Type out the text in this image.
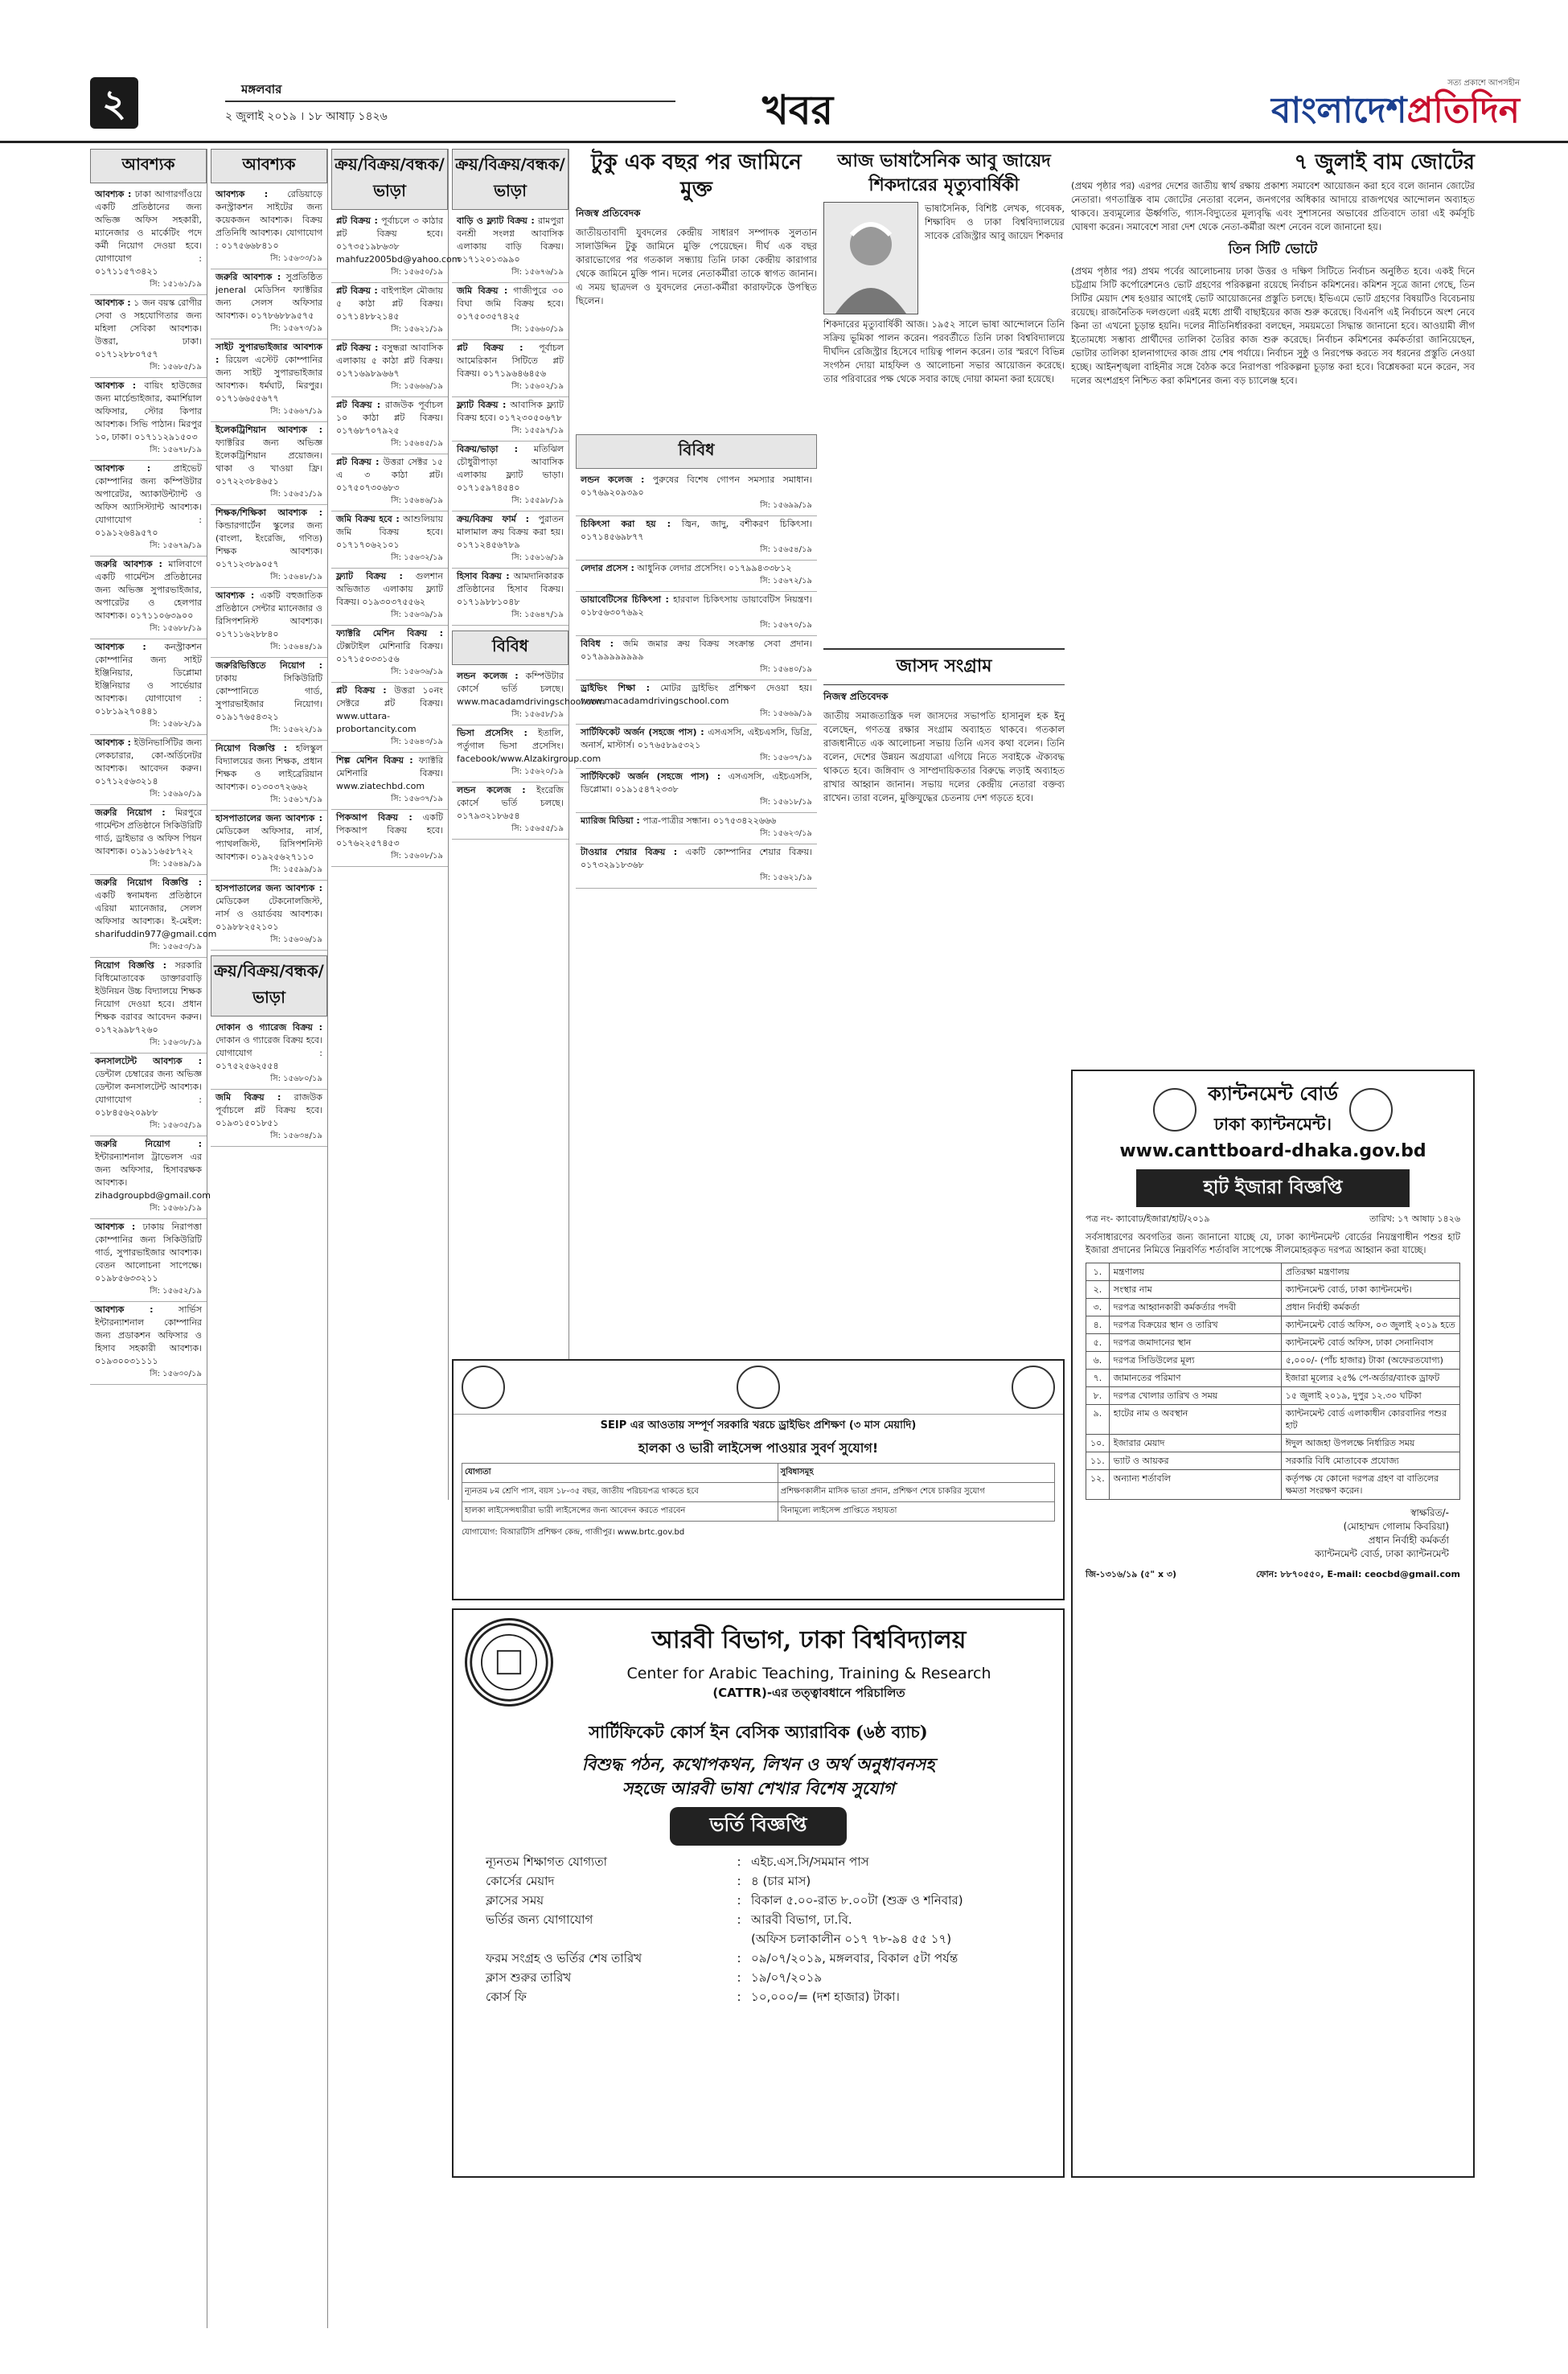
২	মঙ্গলবার
২ জুলাই ২০১৯ । ১৮ আষাঢ় ১৪২৬	খবর
সত্য প্রকাশে আপসহীন
বাংলাদেশপ্রতিদিন
আবশ্যক
আবশ্যক : ঢাকা আগারগাঁওয়ে একটি প্রতিষ্ঠানের জন্য অভিজ্ঞ অফিস সহকারী, ম্যানেজার ও মার্কেটিং পদে কর্মী নিয়োগ দেওয়া হবে। যোগাযোগ : ০১৭১১৫৭৩৪২১
সি: ১৫১৬১/১৯
আবশ্যক : ১ জন বয়স্ক রোগীর সেবা ও সহযোগিতার জন্য মহিলা সেবিকা আবশ্যক। উত্তরা, ঢাকা। ০১৭১২৮৮০৭৫৭
সি: ১৫৬৮৫/১৯
আবশ্যক : বায়িং হাউজের জন্য মার্চেন্ডাইজার, কমার্শিয়াল অফিসার, স্টোর কিপার আবশ্যক। সিভি পাঠান। মিরপুর ১০, ঢাকা। ০১৭১১২৯১৫০৩
সি: ১৫৬৭৮/১৯
আবশ্যক :	প্রাইভেট কোম্পানির জন্য কম্পিউটার অপারেটর, অ্যাকাউন্ট্যান্ট ও অফিস অ্যাসিস্ট্যান্ট আবশ্যক। যোগাযোগ : ০১৯১২৬৪৯৫৭০
সি: ১৫৬৭৯/১৯
জরুরি আবশ্যক : মালিবাগে একটি গার্মেন্টস প্রতিষ্ঠানের জন্য অভিজ্ঞ সুপারভাইজার, অপারেটর ও হেলপার আবশ্যক। ০১৭১১০৬৩৯০০
সি: ১৫৬৮৮/১৯
আবশ্যক : কনস্ট্রাকশন কোম্পানির জন্য সাইট ইঞ্জিনিয়ার, ডিপ্লোমা ইঞ্জিনিয়ার ও সার্ভেয়ার আবশ্যক। যোগাযোগ : ০১৮১৯২৭০৪৪১
সি: ১৫৬৮২/১৯
আবশ্যক : ইউনিভার্সিটির জন্য লেকচারার, কো-অর্ডিনেটর আবশ্যক। আবেদন করুন। ০১৭১২৫৬৩২১৪
সি: ১৫৬৯০/১৯
জরুরি নিয়োগ : মিরপুরে গার্মেন্টস প্রতিষ্ঠানে সিকিউরিটি গার্ড, ড্রাইভার ও অফিস পিয়ন আবশ্যক। ০১৯১১৬৫৮৭২২
সি: ১৫৬৪৯/১৯
জরুরি নিয়োগ বিজ্ঞপ্তি : একটি স্বনামধন্য প্রতিষ্ঠানে এরিয়া ম্যানেজার, সেলস অফিসার আবশ্যক। ই-মেইল: sharifuddin977@gmail.com
সি: ১৫৬৫৩/১৯
নিয়োগ বিজ্ঞপ্তি : সরকারি বিধিমোতাবেক ডাক্তারবাড়ি ইউনিয়ন উচ্চ বিদ্যালয়ে শিক্ষক নিয়োগ দেওয়া হবে। প্রধান শিক্ষক বরাবর আবেদন করুন। ০১৭২৯৯৮৭২৬০
সি: ১৫৬৩৮/১৯
কনসালটেন্ট আবশ্যক : ডেন্টাল চেম্বারের জন্য অভিজ্ঞ ডেন্টাল কনসালটেন্ট আবশ্যক। যোগাযোগ : ০১৮৪৫৬২০৯৮৮
সি: ১৫৬৩৫/১৯
জরুরি নিয়োগ : ইন্টারন্যাশনাল ট্রাভেলস এর জন্য অফিসার, হিসাবরক্ষক আবশ্যক। zihadgroupbd@gmail.com
সি: ১৫৬৬১/১৯
আবশ্যক : ঢাকায় নিরাপত্তা কোম্পানির জন্য সিকিউরিটি গার্ড, সুপারভাইজার আবশ্যক। বেতন আলোচনা সাপেক্ষে। ০১৯৮৫৬৩৩২১১
সি: ১৫৬৫২/১৯
আবশ্যক :	সার্ভিস ইন্টারন্যাশনাল কোম্পানির জন্য প্রডাকশন অফিসার ও হিসাব সহকারী আবশ্যক। ০১৯৩০০৩১১১১
সি: ১৫৬৩০/১৯
আবশ্যক
আবশ্যক : রেডিয়াড়ে কনস্ট্রাকশন সাইটের জন্য কয়েকজন আবশ্যক। বিক্রয় প্রতিনিধি আবশ্যক। যোগাযোগ : ০১৭৫৬৬৮৪১০
সি: ১৫৬৩৩/১৯
জরুরি আবশ্যক : সুপ্রতিষ্ঠিত jeneral মেডিসিন ফ্যাক্টরির জন্য সেলস অফিসার আবশ্যক। ০১৭৮৬৮৮৯৫৭৫
সি: ১৫৬৭৩/১৯
সাইট সুপারভাইজার আবশ্যক : রিয়েল এস্টেট কোম্পানির জন্য সাইট সুপারভাইজার আবশ্যক। ধর্মঘাট, মিরপুর। ০১৭১৬৬৫৫৬৭৭
সি: ১৫৬৬৭/১৯
ইলেকট্রিশিয়ান আবশ্যক : ফ্যাক্টরির জন্য অভিজ্ঞ ইলেকট্রিশিয়ান প্রয়োজন। থাকা ও খাওয়া ফ্রি। ০১৭২২৩৮৪৬৫১
সি: ১৫৬৫১/১৯
শিক্ষক/শিক্ষিকা আবশ্যক : কিন্ডারগার্টেন স্কুলের জন্য (বাংলা, ইংরেজি, গণিত) শিক্ষক আবশ্যক। ০১৭১২৩৮৯০৫৭
সি: ১৫৬৪৮/১৯
আবশ্যক : একটি বহুজাতিক প্রতিষ্ঠানে সেন্টার ম্যানেজার ও রিসিপশনিস্ট আবশ্যক। ০১৭১১৬২৮৮৪০
সি: ১৫৬৪৪/১৯
জরুরিভিত্তিতে নিয়োগ : ঢাকায় সিকিউরিটি কোম্পানিতে গার্ড, সুপারভাইজার নিয়োগ। ০১৯১৭৬৫৪৩২১
সি: ১৫৬২২/১৯
নিয়োগ বিজ্ঞপ্তি : হলিস্কুল বিদ্যালয়ের জন্য শিক্ষক, প্রধান শিক্ষক ও লাইব্রেরিয়ান আবশ্যক। ০১৩০৩৭২৬৬২
সি: ১৫৬১৭/১৯
হাসপাতালের জন্য আবশ্যক : মেডিকেল অফিসার, নার্স, প্যাথলজিস্ট, রিসিপশনিস্ট আবশ্যক। ০১৯২৫৬২৭১১০
সি: ১৫৫৯৯/১৯
হাসপাতালের জন্য আবশ্যক : মেডিকেল টেকনোলজিস্ট, নার্স ও ওয়ার্ডবয় আবশ্যক। ০১৯৮৮২৫২১০১
সি: ১৫৬০৬/১৯
ক্রয়/বিক্রয়/বন্ধক/ভাড়া
দোকান ও গ্যারেজ বিক্রয় : দোকান ও গ্যারেজ বিক্রয় হবে। যোগাযোগ : ০১৭৫২৫৬২৫৫৪
সি: ১৫৬৮০/১৯
জমি বিক্রয় : রাজউক পূর্বাচলে প্লট বিক্রয় হবে। ০১৯৩১৫০১৮৫১
সি: ১৫৬৩৪/১৯
ক্রয়/বিক্রয়/বন্ধক/ভাড়া
প্লট বিক্রয় : পূর্বাচলে ৩ কাঠার প্লট বিক্রয় হবে। ০১৭৩৫১৯৮৬৩৮ mahfuz2005bd@yahoo.com
সি: ১৫৬৫০/১৯
প্লট বিক্রয় : বাইপাইল মৌজায় ৫ কাঠা প্লট বিক্রয়। ০১৭১৪৮৮২১৪৫
সি: ১৫৬২১/১৯
প্লট বিক্রয় : বসুন্ধরা আবাসিক এলাকায় ৫ কাঠা প্লট বিক্রয়। ০১৭১৬৯৮৯৬৬৭
সি: ১৫৬৬৬/১৯
প্লট বিক্রয় : রাজউক পূর্বাচল ১০ কাঠা প্লট বিক্রয়। ০১৭৬৮৭০৭৯২৫
সি: ১৫৬৪৫/১৯
প্লট বিক্রয় : উত্তরা সেক্টর ১৫ এ ৩ কাঠা প্লট। ০১৭৫০৭৩০৬৮৩
সি: ১৫৬৪৬/১৯
জমি বিক্রয় হবে : আশুলিয়ায় জমি বিক্রয় হবে। ০১৭১৭০৬২১০১
সি: ১৫৬৩২/১৯
ফ্ল্যাট বিক্রয় : গুলশান অভিজাত এলাকায় ফ্ল্যাট বিক্রয়। ০১৯৩০৩৭৫৫৬২
সি: ১৫৬৩৯/১৯
ফ্যাক্টরি মেশিন বিক্রয় : টেক্সটাইল মেশিনারি বিক্রয়। ০১৭১৫০৩৩১৫৬
সি: ১৫৬৩৬/১৯
প্লট বিক্রয় : উত্তরা ১০নং সেক্টরে প্লট বিক্রয়। www.uttara-probortancity.com
সি: ১৫৬৪৩/১৯
শিল্প মেশিন বিক্রয় : ফ্যাক্টরি মেশিনারি বিক্রয়। www.ziatechbd.com
সি: ১৫৬৩৭/১৯
পিকআপ বিক্রয় : একটি পিকআপ বিক্রয় হবে। ০১৭৬২২৫৭৪৫৩
সি: ১৫৬০৮/১৯
ক্রয়/বিক্রয়/বন্ধক/ভাড়া
বাড়ি ও ফ্ল্যাট বিক্রয় : রামপুরা বনশ্রী সংলগ্ন আবাসিক এলাকায় বাড়ি বিক্রয়। ০১৭১২০১৩৯৯০
সি: ১৫৬৭৬/১৯
জমি বিক্রয় : গাজীপুরে ৩০ বিঘা জমি বিক্রয় হবে। ০১৭৫০৩৫৭৪২৫
সি: ১৫৬৬০/১৯
প্লট বিক্রয় : পূর্বাচল আমেরিকান সিটিতে প্লট বিক্রয়। ০১৭১৯৬৪৬৪৫৬
সি: ১৫৬০২/১৯
ফ্ল্যাট বিক্রয় : আবাসিক ফ্ল্যাট বিক্রয় হবে। ০১৭২৩০৫০৬৭৮
সি: ১৫৫৯৭/১৯
বিক্রয়/ভাড়া : মতিঝিল চৌধুরীপাড়া আবাসিক এলাকায় ফ্ল্যাট ভাড়া। ০১৭১৫৯৭৪৫৪০
সি: ১৫৫৯৮/১৯
ক্রয়/বিক্রয় ফার্ম : পুরাতন মালামাল ক্রয় বিক্রয় করা হয়। ০১৭১২৪৫৬৭৮৯
সি: ১৫৬১৬/১৯
হিসাব বিক্রয় : আমদানিকারক প্রতিষ্ঠানের হিসাব বিক্রয়। ০১৭১৯৮৮১০৪৮
সি: ১৫৬৪৭/১৯
বিবিধ
লন্ডন কলেজ : কম্পিউটার কোর্সে ভর্তি চলছে। www.macadamdrivingschool.com
সি: ১৫৬৫৮/১৯
ভিসা প্রসেসিং : ইতালি, পর্তুগাল ভিসা প্রসেসিং। facebook/www.Alzakirgroup.com
সি: ১৫৬২০/১৯
লন্ডন কলেজ : ইংরেজি কোর্সে ভর্তি চলছে। ০১৭৯৩২১৮৬৫৪
সি: ১৫৬৫৫/১৯
টুকু এক বছর পর জামিনে মুক্ত
নিজস্ব প্রতিবেদক
জাতীয়তাবাদী যুবদলের কেন্দ্রীয় সাধারণ সম্পাদক সুলতান সালাউদ্দিন টুকু জামিনে মুক্তি পেয়েছেন। দীর্ঘ এক বছর কারাভোগের পর গতকাল সন্ধ্যায় তিনি ঢাকা কেন্দ্রীয় কারাগার থেকে জামিনে মুক্তি পান। দলের নেতাকর্মীরা তাকে স্বাগত জানান। এ সময় ছাত্রদল ও যুবদলের নেতা-কর্মীরা কারাফটকে উপস্থিত ছিলেন।
বিবিধ
লন্ডন কলেজ : পুরুষের বিশেষ গোপন সমস্যার সমাধান। ০১৭৬৯২০৯৩৯০
সি: ১৫৬৯৯/১৯
চিকিৎসা করা হয় : জ্বিন, জাদু, বশীকরণ চিকিৎসা। ০১৭১৪৫৬৯৮৭৭
সি: ১৫৬৫৪/১৯
লেদার প্রসেস : আধুনিক লেদার প্রসেসিং। ০১৭৯৯৪৩৩৮১২
সি: ১৫৬৭২/১৯
ডায়াবেটিসের চিকিৎসা : হারবাল চিকিৎসায় ডায়াবেটিস নিয়ন্ত্রণ। ০১৮৫৬৩০৭৬৯২
সি: ১৫৬৭০/১৯
বিবিধ : জমি জমার ক্রয় বিক্রয় সংক্রান্ত সেবা প্রদান। ০১৭৯৯৯৯৯৯৯৯
সি: ১৫৬৪০/১৯
ড্রাইভিং শিক্ষা : মোটর ড্রাইভিং প্রশিক্ষণ দেওয়া হয়। www.macadamdrivingschool.com
সি: ১৫৬৬৯/১৯
সার্টিফিকেট অর্জন (সহজে পাস) : এসএসসি, এইচএসসি, ডিগ্রি, অনার্স, মাস্টার্স। ০১৭৬৫৮৯৫৩২১
সি: ১৫৬৩৭/১৯
সার্টিফিকেট অর্জন (সহজে পাস) : এসএসসি, এইচএসসি, ডিপ্লোমা। ০১৯১৫৪৭২৩৩৮
সি: ১৫৬১৮/১৯
ম্যারিজ মিডিয়া : পাত্র-পাত্রীর সন্ধান। ০১৭৫৩৪২২৬৬৬
সি: ১৫৬২৩/১৯
টাওয়ার শেয়ার বিক্রয় : একটি কোম্পানির শেয়ার বিক্রয়। ০১৭৩২৯১৮৩৬৮
সি: ১৫৬২১/১৯
আজ ভাষাসৈনিক আবু জায়েদ শিকদারের মৃত্যুবার্ষিকী
ভাষাসৈনিক, বিশিষ্ট লেখক, গবেষক, শিক্ষাবিদ ও ঢাকা বিশ্ববিদ্যালয়ের সাবেক রেজিস্ট্রার আবু জায়েদ শিকদার
শিকদারের মৃত্যুবার্ষিকী আজ। ১৯৫২ সালে ভাষা আন্দোলনে তিনি সক্রিয় ভূমিকা পালন করেন। পরবর্তীতে তিনি ঢাকা বিশ্ববিদ্যালয়ে দীর্ঘদিন রেজিস্ট্রার হিসেবে দায়িত্ব পালন করেন। তার স্মরণে বিভিন্ন সংগঠন দোয়া মাহফিল ও আলোচনা সভার আয়োজন করেছে। তার পরিবারের পক্ষ থেকে সবার কাছে দোয়া কামনা করা হয়েছে।
জাসদ সংগ্রাম
নিজস্ব প্রতিবেদক
জাতীয় সমাজতান্ত্রিক দল জাসদের সভাপতি হাসানুল হক ইনু বলেছেন, গণতন্ত্র রক্ষার সংগ্রাম অব্যাহত থাকবে। গতকাল রাজধানীতে এক আলোচনা সভায় তিনি এসব কথা বলেন। তিনি বলেন, দেশের উন্নয়ন অগ্রযাত্রা এগিয়ে নিতে সবাইকে ঐক্যবদ্ধ থাকতে হবে। জঙ্গিবাদ ও সাম্প্রদায়িকতার বিরুদ্ধে লড়াই অব্যাহত রাখার আহ্বান জানান। সভায় দলের কেন্দ্রীয় নেতারা বক্তব্য রাখেন। তারা বলেন, মুক্তিযুদ্ধের চেতনায় দেশ গড়তে হবে।
৭ জুলাই বাম জোটের
(প্রথম পৃষ্ঠার পর) এরপর দেশের জাতীয় স্বার্থ রক্ষায় প্রকাশ্য সমাবেশ আয়োজন করা হবে বলে জানান জোটের নেতারা। গণতান্ত্রিক বাম জোটের নেতারা বলেন, জনগণের অধিকার আদায়ে রাজপথের আন্দোলন অব্যাহত থাকবে। দ্রব্যমূল্যের ঊর্ধ্বগতি, গ্যাস-বিদ্যুতের মূল্যবৃদ্ধি এবং সুশাসনের অভাবের প্রতিবাদে তারা এই কর্মসূচি ঘোষণা করেন। সমাবেশে সারা দেশ থেকে নেতা-কর্মীরা অংশ নেবেন বলে জানানো হয়।
তিন সিটি ভোটে
(প্রথম পৃষ্ঠার পর) প্রথম পর্বের আলোচনায় ঢাকা উত্তর ও দক্ষিণ সিটিতে নির্বাচন অনুষ্ঠিত হবে। একই দিনে চট্টগ্রাম সিটি কর্পোরেশনেও ভোট গ্রহণের পরিকল্পনা রয়েছে নির্বাচন কমিশনের। কমিশন সূত্রে জানা গেছে, তিন সিটির মেয়াদ শেষ হওয়ার আগেই ভোট আয়োজনের প্রস্তুতি চলছে। ইভিএমে ভোট গ্রহণের বিষয়টিও বিবেচনায় রয়েছে। রাজনৈতিক দলগুলো এরই মধ্যে প্রার্থী বাছাইয়ের কাজ শুরু করেছে। বিএনপি এই নির্বাচনে অংশ নেবে কিনা তা এখনো চূড়ান্ত হয়নি। দলের নীতিনির্ধারকরা বলছেন, সময়মতো সিদ্ধান্ত জানানো হবে। আওয়ামী লীগ ইতোমধ্যে সম্ভাব্য প্রার্থীদের তালিকা তৈরির কাজ শুরু করেছে। নির্বাচন কমিশনের কর্মকর্তারা জানিয়েছেন, ভোটার তালিকা হালনাগাদের কাজ প্রায় শেষ পর্যায়ে। নির্বাচন সুষ্ঠু ও নিরপেক্ষ করতে সব ধরনের প্রস্তুতি নেওয়া হচ্ছে। আইনশৃঙ্খলা বাহিনীর সঙ্গে বৈঠক করে নিরাপত্তা পরিকল্পনা চূড়ান্ত করা হবে। বিশ্লেষকরা মনে করেন, সব দলের অংশগ্রহণ নিশ্চিত করা কমিশনের জন্য বড় চ্যালেঞ্জ হবে।
SEIP এর আওতায় সম্পূর্ণ সরকারি খরচে ড্রাইভিং প্রশিক্ষণ (৩ মাস মেয়াদি)
হালকা ও ভারী লাইসেন্স পাওয়ার সুবর্ণ সুযোগ!
যোগ্যতা	সুবিধাসমূহ
ন্যূনতম ৮ম শ্রেণি পাস, বয়স ১৮-৩৫ বছর, জাতীয় পরিচয়পত্র থাকতে হবে	প্রশিক্ষণকালীন মাসিক ভাতা প্রদান, প্রশিক্ষণ শেষে চাকরির সুযোগ
হালকা লাইসেন্সধারীরা ভারী লাইসেন্সের জন্য আবেদন করতে পারবেন	বিনামূল্যে লাইসেন্স প্রাপ্তিতে সহায়তা
যোগাযোগ: বিআরটিসি প্রশিক্ষণ কেন্দ্র, গাজীপুর। www.brtc.gov.bd
আরবী বিভাগ, ঢাকা বিশ্ববিদ্যালয়
Center for Arabic Teaching, Training & Research
(CATTR)-এর তত্ত্বাবধানে পরিচালিত
সার্টিফিকেট কোর্স ইন বেসিক অ্যারাবিক (৬ষ্ঠ ব্যাচ)
বিশুদ্ধ পঠন, কথোপকথন, লিখন ও অর্থ অনুধাবনসহ
সহজে আরবী ভাষা শেখার বিশেষ সুযোগ
ভর্তি বিজ্ঞপ্তি
ন্যূনতম শিক্ষাগত যোগ্যতা	: এইচ.এস.সি/সমমান পাস
কোর্সের মেয়াদ	: ৪ (চার মাস)
ক্লাসের সময়	: বিকাল ৫.০০-রাত ৮.০০টা (শুক্র ও শনিবার)
ভর্তির জন্য যোগাযোগ	: আরবী বিভাগ, ঢা.বি.
(অফিস চলাকালীন ০১৭ ৭৮-৯৪ ৫৫ ১৭)
ফরম সংগ্রহ ও ভর্তির শেষ তারিখ	: ০৯/০৭/২০১৯, মঙ্গলবার, বিকাল ৫টা পর্যন্ত
ক্লাস শুরুর তারিখ	: ১৯/০৭/২০১৯
কোর্স ফি	: ১০,০০০/= (দশ হাজার) টাকা।
ক্যান্টনমেন্ট বোর্ড
ঢাকা ক্যান্টনমেন্ট।
www.canttboard-dhaka.gov.bd
হাট ইজারা বিজ্ঞপ্তি
পত্র নং- ক্যাবোঢ/ইজারা/হাট/২০১৯	তারিখ: ১৭ আষাঢ় ১৪২৬
সর্বসাধারণের অবগতির জন্য জানানো যাচ্ছে যে, ঢাকা ক্যান্টনমেন্ট বোর্ডের নিয়ন্ত্রণাধীন পশুর হাট ইজারা প্রদানের নিমিত্তে নিম্নবর্ণিত শর্তাবলি সাপেক্ষে সীলমোহরকৃত দরপত্র আহ্বান করা যাচ্ছে।
১.	মন্ত্রণালয়	প্রতিরক্ষা মন্ত্রণালয়
২.	সংস্থার নাম	ক্যান্টনমেন্ট বোর্ড, ঢাকা ক্যান্টনমেন্ট।
৩.	দরপত্র আহ্বানকারী কর্মকর্তার পদবী	প্রধান নির্বাহী কর্মকর্তা
৪.	দরপত্র বিক্রয়ের স্থান ও তারিখ	ক্যান্টনমেন্ট বোর্ড অফিস, ০৩ জুলাই ২০১৯ হতে
৫.	দরপত্র জমাদানের স্থান	ক্যান্টনমেন্ট বোর্ড অফিস, ঢাকা সেনানিবাস
৬.	দরপত্র সিডিউলের মূল্য	৫,০০০/- (পাঁচ হাজার) টাকা (অফেরতযোগ্য)
৭.	জামানতের পরিমাণ	ইজারা মূল্যের ২৫% পে-অর্ডার/ব্যাংক ড্রাফট
৮.	দরপত্র খোলার তারিখ ও সময়	১৫ জুলাই ২০১৯, দুপুর ১২.৩০ ঘটিকা
৯.	হাটের নাম ও অবস্থান	ক্যান্টনমেন্ট বোর্ড এলাকাধীন কোরবানির পশুর হাট
১০.	ইজারার মেয়াদ	ঈদুল আজহা উপলক্ষে নির্ধারিত সময়
১১.	ভ্যাট ও আয়কর	সরকারি বিধি মোতাবেক প্রযোজ্য
১২.	অন্যান্য শর্তাবলি	কর্তৃপক্ষ যে কোনো দরপত্র গ্রহণ বা বাতিলের ক্ষমতা সংরক্ষণ করেন।
স্বাক্ষরিত/-
(মোহাম্মদ গোলাম কিবরিয়া)
প্রধান নির্বাহী কর্মকর্তা
ক্যান্টনমেন্ট বোর্ড, ঢাকা ক্যান্টনমেন্ট
জি-১৩১৬/১৯ (৫" x ৩)	ফোন: ৮৮৭০৫৫০, E-mail: ceocbd@gmail.com
